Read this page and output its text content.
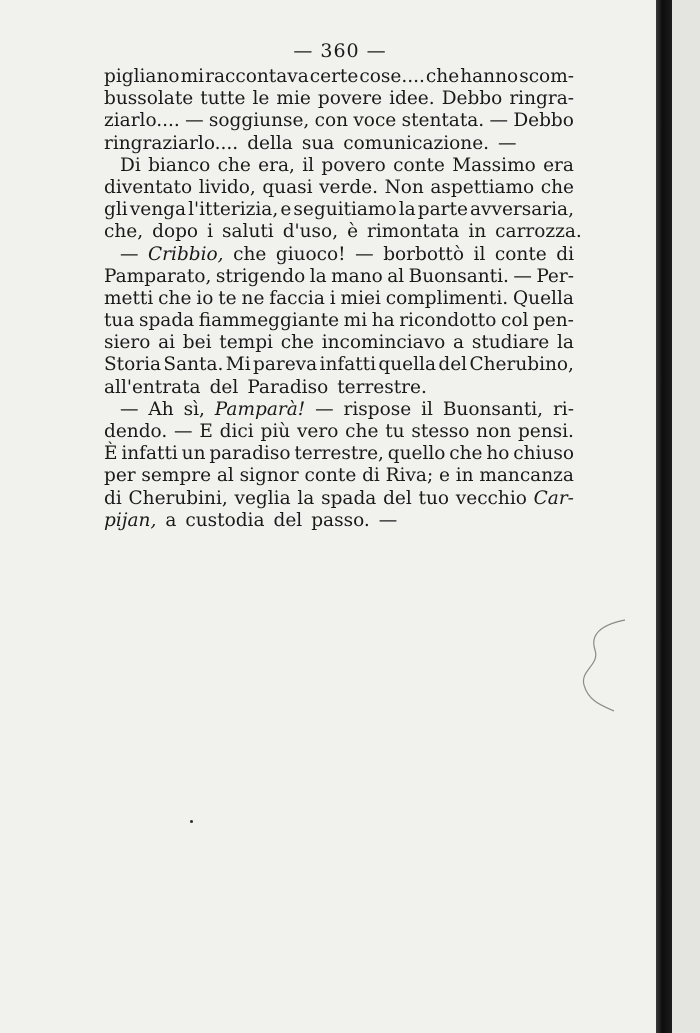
— 360 —
pigliano mi raccontava certe cose.... che hanno scom-
bussolate tutte le mie povere idee. Debbo ringra-
ziarlo.... — soggiunse, con voce stentata. — Debbo
ringraziarlo.... della sua comunicazione. —
Di bianco che era, il povero conte Massimo era
diventato livido, quasi verde. Non aspettiamo che
gli venga l'itterizia, e seguitiamo la parte avversaria,
che, dopo i saluti d'uso, è rimontata in carrozza.
— Cribbio, che giuoco! — borbottò il conte di
Pamparato, strigendo la mano al Buonsanti. — Per-
metti che io te ne faccia i miei complimenti. Quella
tua spada fiammeggiante mi ha ricondotto col pen-
siero ai bei tempi che incominciavo a studiare la
Storia Santa. Mi pareva infatti quella del Cherubino,
all'entrata del Paradiso terrestre.
— Ah sì, Pamparà! — rispose il Buonsanti, ri-
dendo. — E dici più vero che tu stesso non pensi.
È infatti un paradiso terrestre, quello che ho chiuso
per sempre al signor conte di Riva; e in mancanza
di Cherubini, veglia la spada del tuo vecchio Car-
pijan, a custodia del passo. —
